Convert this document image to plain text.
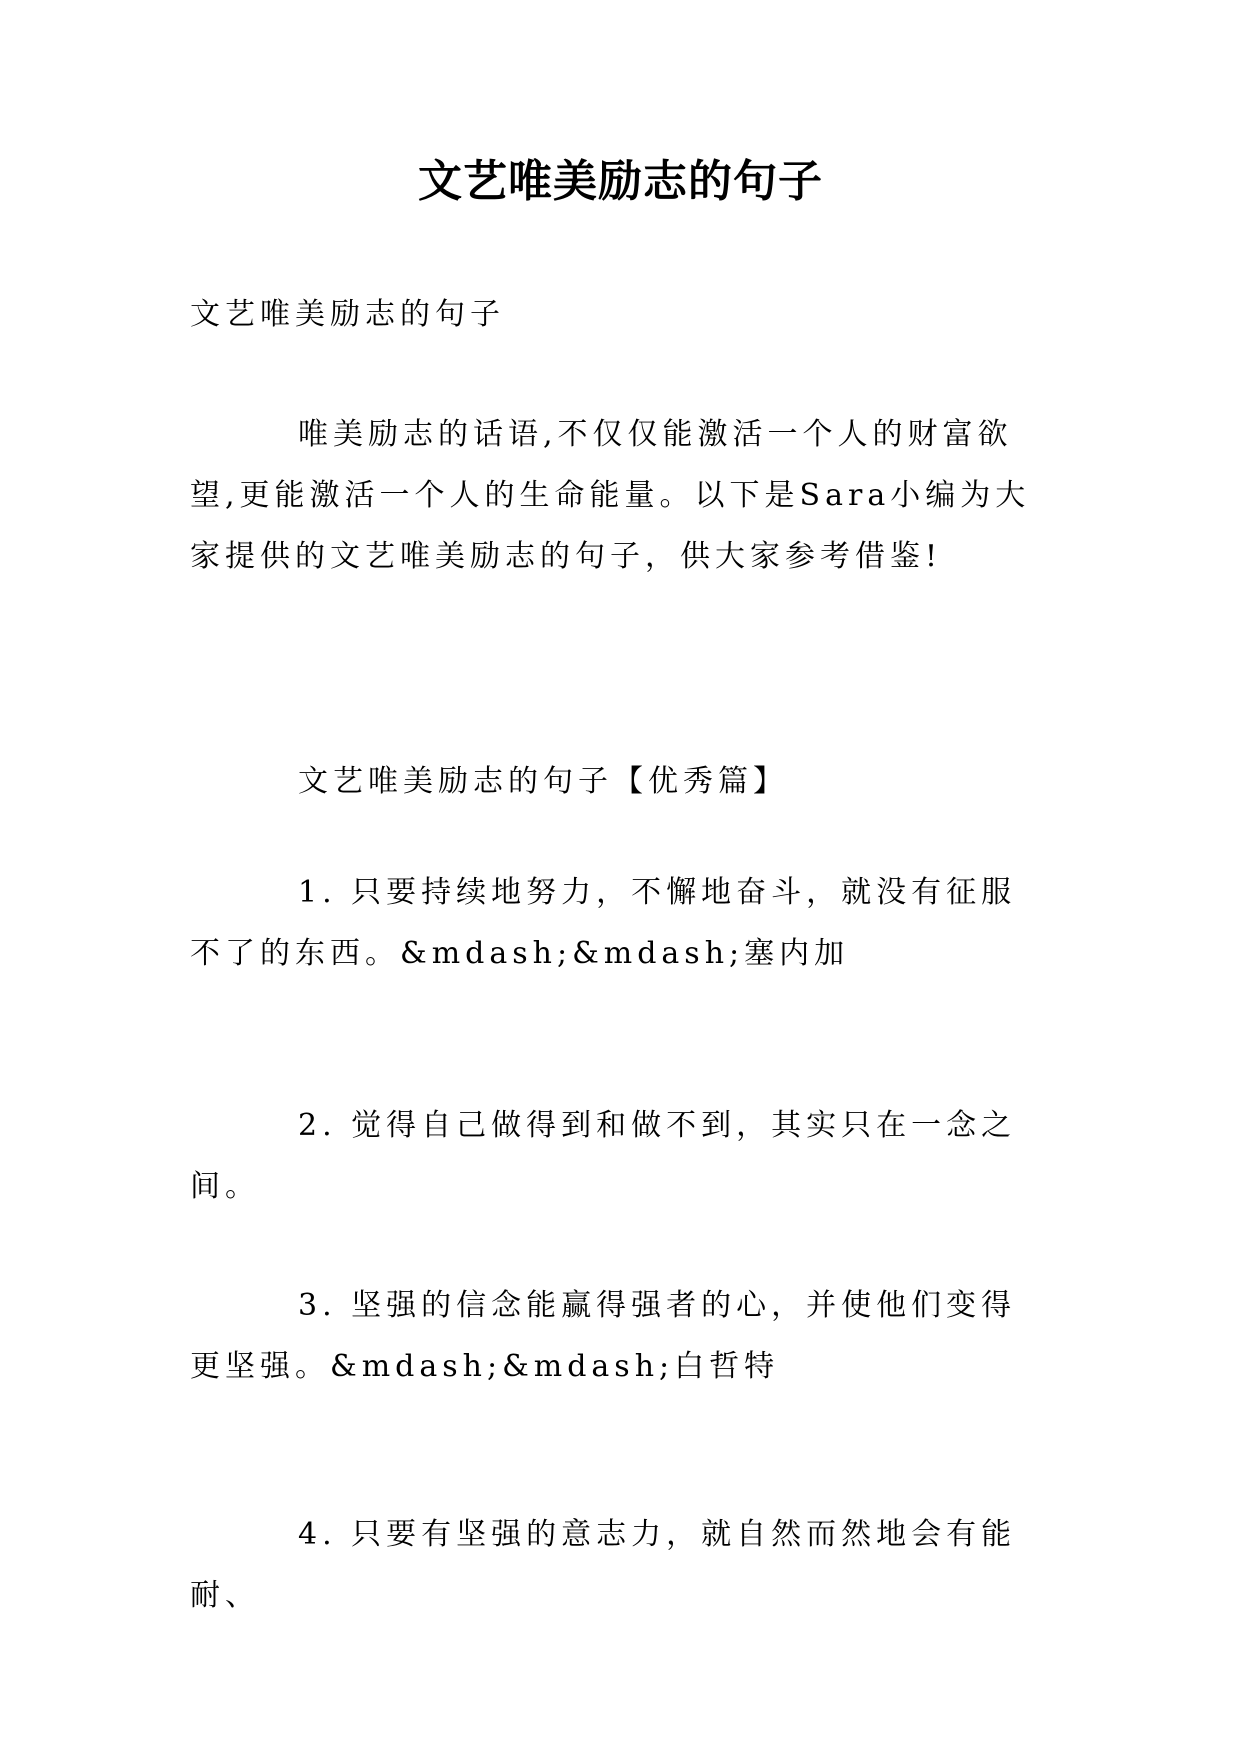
文艺唯美励志的句子
文艺唯美励志的句子
唯美励志的话语,不仅仅能激活一个人的财富欲望,更能激活一个人的生命能量。以下是Sara小编为大家提供的文艺唯美励志的句子，供大家参考借鉴!
文艺唯美励志的句子【优秀篇】
1. 只要持续地努力，不懈地奋斗，就没有征服不了的东西。&mdash;&mdash;塞内加
2. 觉得自己做得到和做不到，其实只在一念之间。
3. 坚强的信念能赢得强者的心，并使他们变得更坚强。&mdash;&mdash;白哲特
4. 只要有坚强的意志力，就自然而然地会有能耐、
